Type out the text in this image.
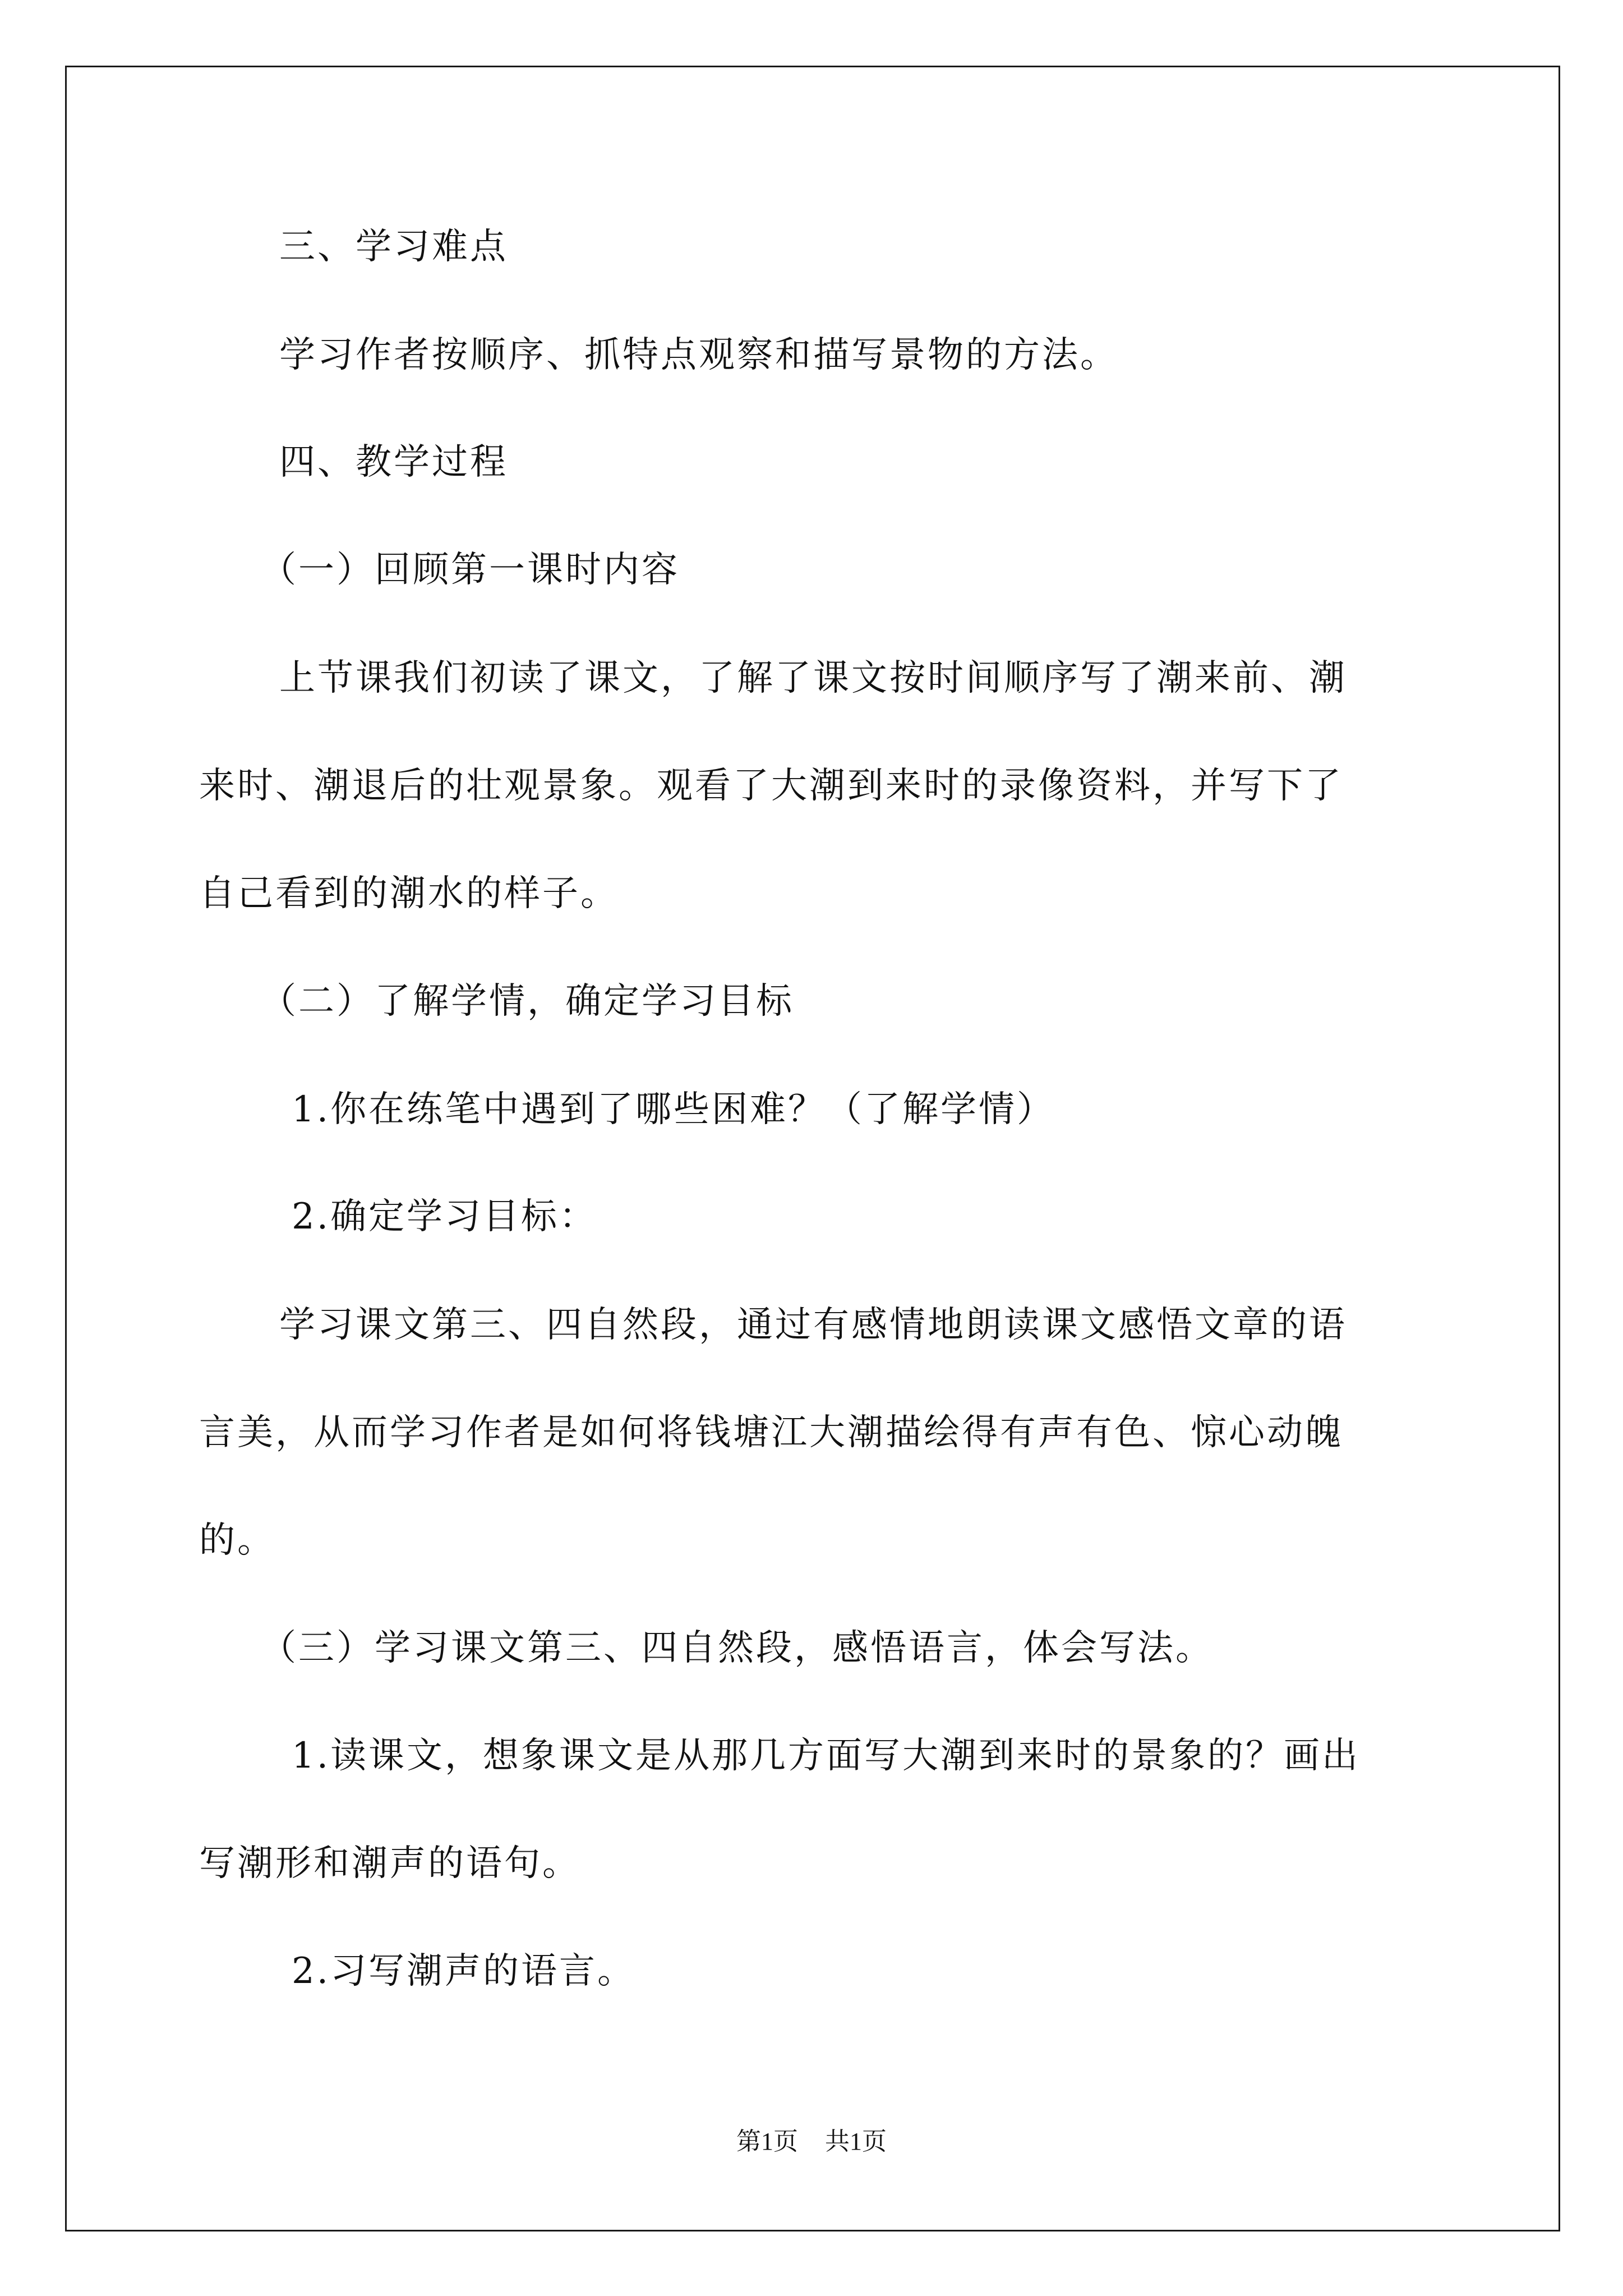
三、学习难点
学习作者按顺序、抓特点观察和描写景物的方法。
四、教学过程
（一）回顾第一课时内容
上节课我们初读了课文，了解了课文按时间顺序写了潮来前、潮
来时、潮退后的壮观景象。观看了大潮到来时的录像资料，并写下了
自己看到的潮水的样子。
（二）了解学情，确定学习目标
1.你在练笔中遇到了哪些困难？（了解学情）
2.确定学习目标：
学习课文第三、四自然段，通过有感情地朗读课文感悟文章的语
言美，从而学习作者是如何将钱塘江大潮描绘得有声有色、惊心动魄
的。
（三）学习课文第三、四自然段，感悟语言，体会写法。
1.读课文，想象课文是从那几方面写大潮到来时的景象的？画出
写潮形和潮声的语句。
2.习写潮声的语言。
第1页 共1页
